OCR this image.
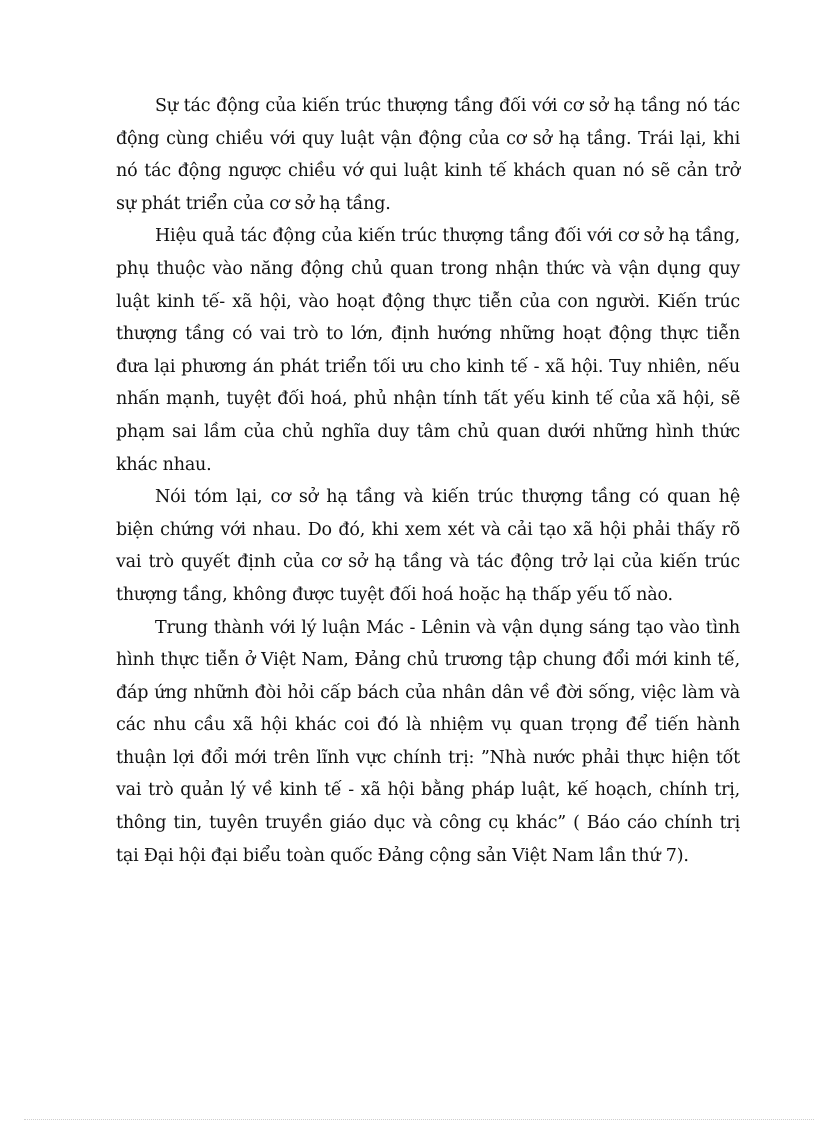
Sự tác động của kiến trúc thượng tầng đối với cơ sở hạ tầng nó tác động cùng chiều với quy luật vận động của cơ sở hạ tầng. Trái lại, khi nó tác động ngược chiều vớ qui luật kinh tế khách quan nó sẽ cản trở sự phát triển của cơ sở hạ tầng.

Hiệu quả tác động của kiến trúc thượng tầng đối với cơ sở hạ tầng, phụ thuộc vào năng động chủ quan trong nhận thức và vận dụng quy luật kinh tế- xã hội, vào hoạt động thực tiễn của con người. Kiến trúc thượng tầng có vai trò to lớn, định hướng những hoạt động thực tiễn đưa lại phương án phát triển tối ưu cho kinh tế - xã hội. Tuy nhiên, nếu nhấn mạnh, tuyệt đối hoá, phủ nhận tính tất yếu kinh tế của xã hội, sẽ phạm sai lầm của chủ nghĩa duy tâm chủ quan dưới những hình thức khác nhau.

Nói tóm lại, cơ sở hạ tầng và kiến trúc thượng tầng có quan hệ biện chứng với nhau. Do đó, khi xem xét và cải tạo xã hội phải thấy rõ vai trò quyết định của cơ sở hạ tầng và tác động trở lại của kiến trúc thượng tầng, không được tuyệt đối hoá hoặc hạ thấp yếu tố nào.

Trung thành với lý luận Mác - Lênin và vận dụng sáng tạo vào tình hình thực tiễn ở Việt Nam, Đảng chủ trương tập chung đổi mới kinh tế, đáp ứng nhữnh đòi hỏi cấp bách của nhân dân về đời sống, việc làm và các nhu cầu xã hội khác coi đó là nhiệm vụ quan trọng để tiến hành thuận lợi đổi mới trên lĩnh vực chính trị: ”Nhà nước phải thực hiện tốt vai trò quản lý về kinh tế - xã hội bằng pháp luật, kế hoạch, chính trị, thông tin, tuyên truyền giáo dục và công cụ khác” ( Báo cáo chính trị tại Đại hội đại biểu toàn quốc Đảng cộng sản Việt Nam lần thứ 7).
